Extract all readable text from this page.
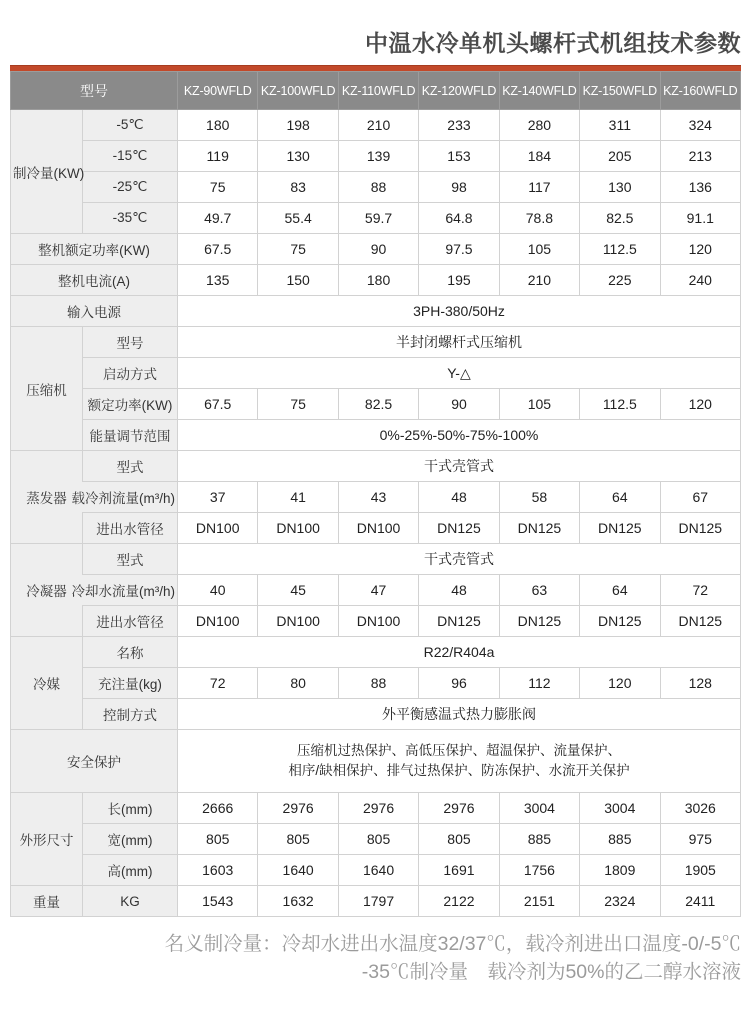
中温水冷单机头螺杆式机组技术参数
型号		KZ-90WFLD	KZ-100WFLD	KZ-110WFLD	KZ-120WFLD	KZ-140WFLD	KZ-150WFLD	KZ-160WFLD
制冷量(KW)	-5℃	180	198	210	233	280	311	324
	-15℃	119	130	139	153	184	205	213
	-25℃	75	83	88	98	117	130	136
	-35℃	49.7	55.4	59.7	64.8	78.8	82.5	91.1
整机额定功率(KW)		67.5	75	90	97.5	105	112.5	120
整机电流(A)		135	150	180	195	210	225	240
输入电源		3PH-380/50Hz						
压缩机	型号	半封闭螺杆式压缩机						
	启动方式	Y-△						
	额定功率(KW)	67.5	75	82.5	90	105	112.5	120
	能量调节范围	0%-25%-50%-75%-100%						
蒸发器	型式	干式壳管式						

	载冷剂流量(m³/h)	37	41	43	48	58	64	67
	进出水管径	DN100	DN100	DN100	DN125	DN125	DN125	DN125
冷凝器	型式	干式壳管式						

	冷却水流量(m³/h)	40	45	47	48	63	64	72
	进出水管径	DN100	DN100	DN100	DN125	DN125	DN125	DN125
冷媒	名称	R22/R404a						
	充注量(kg)	72	80	88	96	112	120	128
	控制方式	外平衡感温式热力膨胀阀						
安全保护		压缩机过热保护、高低压保护、超温保护、流量保护、
相序/缺相保护、排气过热保护、防冻保护、水流开关保护						

外形尺寸	长(mm)	2666	2976	2976	2976	3004	3004	3026
	宽(mm)	805	805	805	805	885	885	975
	高(mm)	1603	1640	1640	1691	1756	1809	1905
重量	KG	1543	1632	1797	2122	2151	2324	2411
名义制冷量：冷却水进出水温度32/37℃，载冷剂进出口温度-0/-5℃
-35℃制冷量　载冷剂为50%的乙二醇水溶液
